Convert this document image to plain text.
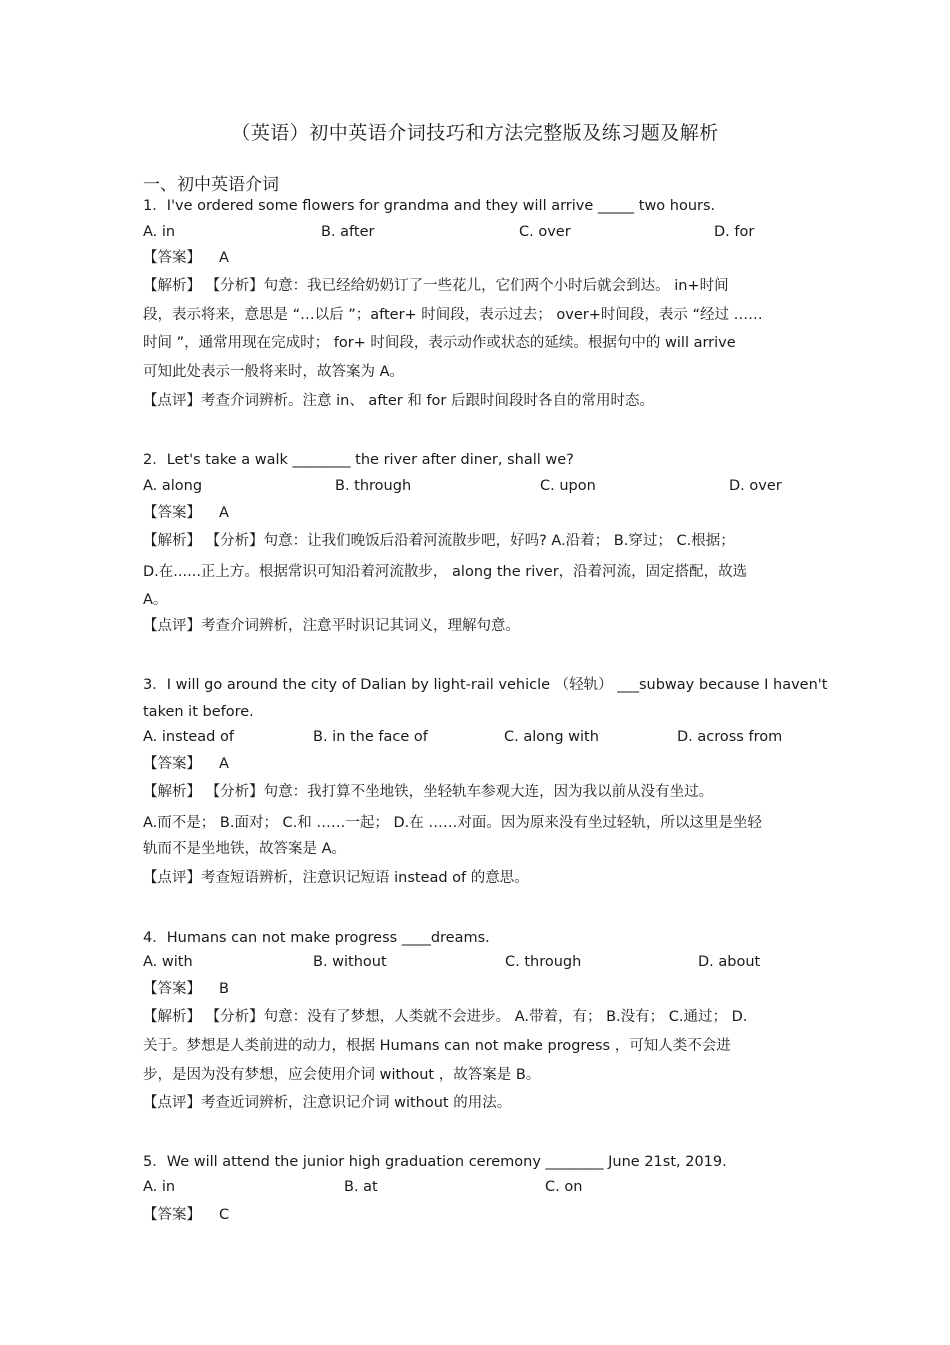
（英语）初中英语介词技巧和方法完整版及练习题及解析
一、初中英语介词
1．I've ordered some flowers for grandma and they will arrive _____ two hours.
A. in	B. after	C. over	D. for
【答案】 A
【解析】 【分析】句意：我已经给奶奶订了一些花儿，它们两个小时后就会到达。 in+时间
段，表示将来，意思是 “…以后 ”；after+ 时间段，表示过去； over+时间段，表示 “经过 ……
时间 ”，通常用现在完成时； for+ 时间段，表示动作或状态的延续。根据句中的 will arrive
可知此处表示一般将来时，故答案为 A。
【点评】考查介词辨析。注意 in、 after 和 for 后跟时间段时各自的常用时态。
2．Let's take a walk ________ the river after diner, shall we?
A. along	B. through	C. upon	D. over
【答案】 A
【解析】 【分析】句意：让我们晚饭后沿着河流散步吧，好吗? A.沿着； B.穿过； C.根据；
D.在......正上方。根据常识可知沿着河流散步， along the river，沿着河流，固定搭配，故选
A。
【点评】考查介词辨析，注意平时识记其词义，理解句意。
3．I will go around the city of Dalian by light-rail vehicle （轻轨） ___subway because I haven't
taken it before.
A. instead of	B. in the face of	C. along with	D. across from
【答案】 A
【解析】 【分析】句意：我打算不坐地铁，坐轻轨车参观大连，因为我以前从没有坐过。
A.而不是； B.面对； C.和 ……一起； D.在 ……对面。因为原来没有坐过轻轨，所以这里是坐轻
轨而不是坐地铁，故答案是 A。
【点评】考查短语辨析，注意识记短语 instead of 的意思。
4．Humans can not make progress ____dreams.
A. with	B. without	C. through	D. about
【答案】 B
【解析】 【分析】句意：没有了梦想，人类就不会进步。 A.带着，有； B.没有； C.通过； D.
关于。梦想是人类前进的动力，根据 Humans can not make progress ，可知人类不会进
步，是因为没有梦想，应会使用介词 without ，故答案是 B。
【点评】考查近词辨析，注意识记介词 without 的用法。
5．We will attend the junior high graduation ceremony ________ June 21st, 2019.
A. in	B. at	C. on
【答案】 C
